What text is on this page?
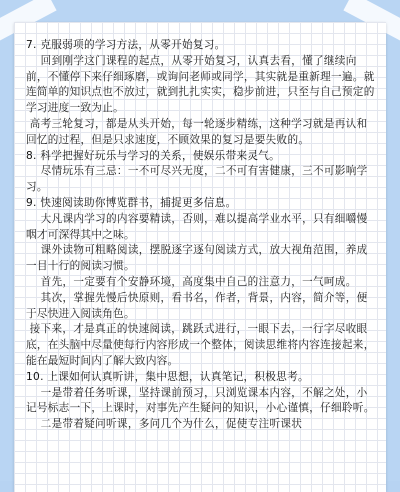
7. 克服弱项的学习方法，从零开始复习。

回到刚学这门课程的起点，从零开始复习，认真去看，懂了继续向前，不懂停下来仔细琢磨，或询问老师或同学，其实就是重新理一遍。就连简单的知识点也不放过，就到扎扎实实，稳步前进，只至与自己预定的学习进度一致为止。

高考三轮复习，都是从头开始，每一轮逐步精练，这种学习就是再认和回忆的过程，但是只求速度，不顾效果的复习是要失败的。

8. 科学把握好玩乐与学习的关系，使娱乐带来灵气。

尽情玩乐有三忌：一不可尽兴无度，二不可有害健康，三不可影响学习。

9. 快速阅读助你博览群书，捕捉更多信息。

大凡课内学习的内容要精读，否则，难以提高学业水平，只有细嚼慢咽才可深得其中之味。

课外读物可粗略阅读，摆脱逐字逐句阅读方式，放大视角范围，养成一目十行的阅读习惯。

首先，一定要有个安静环境，高度集中自己的注意力，一气呵成。

其次，掌握先慢后快原则，看书名，作者，背景，内容，简介等，便于尽快进入阅读角色。

接下来，才是真正的快速阅读，跳跃式进行，一眼下去，一行字尽收眼底，在头脑中尽量使每行内容形成一个整体，阅读思维将内容连接起来，能在最短时间内了解大致内容。

10. 上课如何认真听讲，集中思想，认真笔记，积极思考。

一是带着任务听课，坚持课前预习，只浏览课本内容，不解之处，小记号标志一下，上课时，对事先产生疑问的知识，小心谨慎，仔细聆听。

二是带着疑问听课，多问几个为什么，促使专注听课状
